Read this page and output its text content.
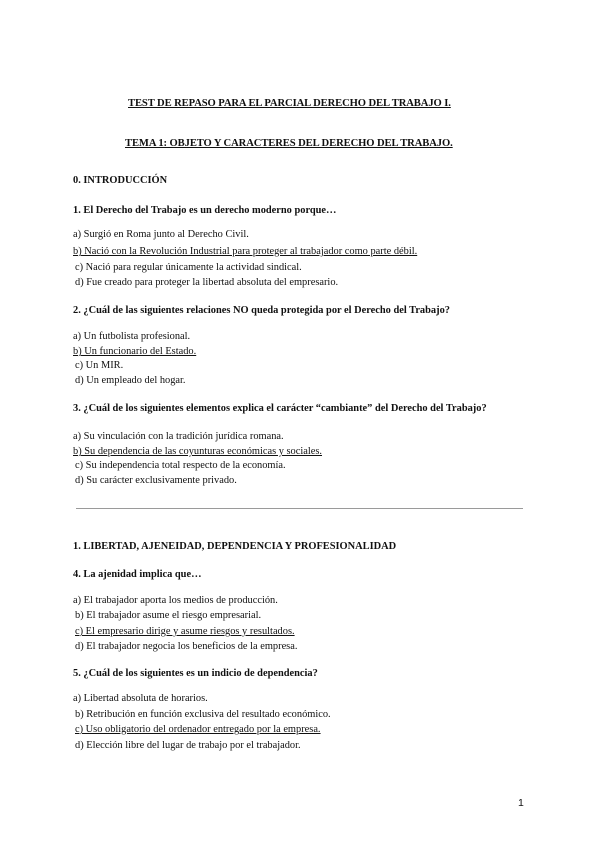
TEST DE REPASO PARA EL PARCIAL DERECHO DEL TRABAJO I.
TEMA 1: OBJETO Y CARACTERES DEL DERECHO DEL TRABAJO.
0. INTRODUCCIÓN
1. El Derecho del Trabajo es un derecho moderno porque…
a) Surgió en Roma junto al Derecho Civil.
b) Nació con la Revolución Industrial para proteger al trabajador como parte débil.
c) Nació para regular únicamente la actividad sindical.
d) Fue creado para proteger la libertad absoluta del empresario.
2. ¿Cuál de las siguientes relaciones NO queda protegida por el Derecho del Trabajo?
a) Un futbolista profesional.
b) Un funcionario del Estado.
c) Un MIR.
d) Un empleado del hogar.
3. ¿Cuál de los siguientes elementos explica el carácter “cambiante” del Derecho del Trabajo?
a) Su vinculación con la tradición jurídica romana.
b) Su dependencia de las coyunturas económicas y sociales.
c) Su independencia total respecto de la economía.
d) Su carácter exclusivamente privado.
1. LIBERTAD, AJENEIDAD, DEPENDENCIA Y PROFESIONALIDAD
4. La ajenidad implica que…
a) El trabajador aporta los medios de producción.
b) El trabajador asume el riesgo empresarial.
c) El empresario dirige y asume riesgos y resultados.
d) El trabajador negocia los beneficios de la empresa.
5. ¿Cuál de los siguientes es un indicio de dependencia?
a) Libertad absoluta de horarios.
b) Retribución en función exclusiva del resultado económico.
c) Uso obligatorio del ordenador entregado por la empresa.
d) Elección libre del lugar de trabajo por el trabajador.
1
